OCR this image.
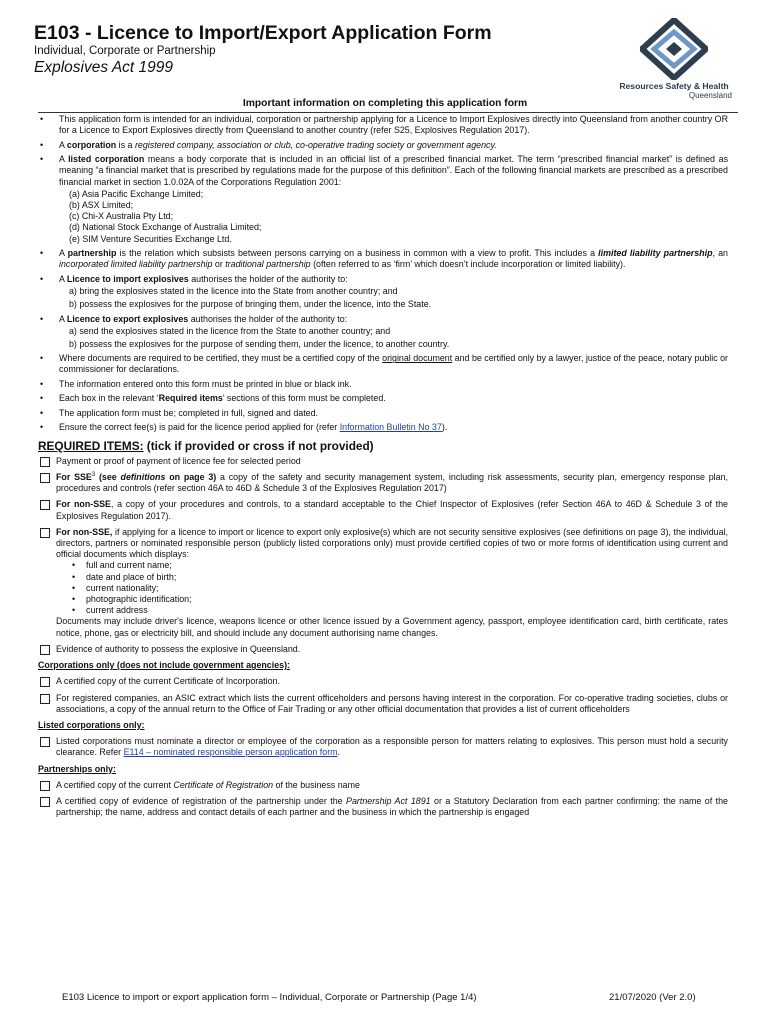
E103 - Licence to Import/Export Application Form
Individual, Corporate or Partnership
Explosives Act 1999
Resources Safety & Health
Queensland
Important information on completing this application form
• This application form is intended for an individual, corporation or partnership applying for a Licence to Import Explosives directly into Queensland from another country OR for a Licence to Export Explosives directly from Queensland to another country (refer S25, Explosives Regulation 2017).
• A corporation is a registered company, association or club, co-operative trading society or government agency.
• A listed corporation means a body corporate that is included in an official list of a prescribed financial market. The term “prescribed financial market” is defined as meaning “a financial market that is prescribed by regulations made for the purpose of this definition”. Each of the following financial markets are prescribed as a prescribed financial market in section 1.0.02A of the Corporations Regulation 2001:
(a) Asia Pacific Exchange Limited;
(b) ASX Limited;
(c) Chi-X Australia Pty Ltd;
(d) National Stock Exchange of Australia Limited;
(e) SIM Venture Securities Exchange Ltd.
• A partnership is the relation which subsists between persons carrying on a business in common with a view to profit. This includes a limited liability partnership, an incorporated limited liability partnership or traditional partnership (often referred to as ‘firm’ which doesn’t include incorporation or limited liability).
• A Licence to import explosives authorises the holder of the authority to:
a) bring the explosives stated in the licence into the State from another country; and
b) possess the explosives for the purpose of bringing them, under the licence, into the State.
• A Licence to export explosives authorises the holder of the authority to:
a) send the explosives stated in the licence from the State to another country; and
b) possess the explosives for the purpose of sending them, under the licence, to another country.
• Where documents are required to be certified, they must be a certified copy of the original document and be certified only by a lawyer, justice of the peace, notary public or commissioner for declarations.
• The information entered onto this form must be printed in blue or black ink.
• Each box in the relevant ‘Required items’ sections of this form must be completed.
• The application form must be; completed in full, signed and dated.
• Ensure the correct fee(s) is paid for the licence period applied for (refer Information Bulletin No 37).
REQUIRED ITEMS: (tick if provided or cross if not provided)
Payment or proof of payment of licence fee for selected period
For SSE$^3$ (see definitions on page 3) a copy of the safety and security management system, including risk assessments, security plan, emergency response plan, procedures and controls (refer section 46A to 46D & Schedule 3 of the Explosives Regulation 2017)
For non-SSE, a copy of your procedures and controls, to a standard acceptable to the Chief Inspector of Explosives (refer Section 46A to 46D & Schedule 3 of the Explosives Regulation 2017).
For non-SSE, if applying for a licence to import or licence to export only explosive(s) which are not security sensitive explosives (see definitions on page 3), the individual, directors, partners or nominated responsible person (publicly listed corporations only) must provide certified copies of two or more forms of identification using current and official documents which displays:
• full and current name;
• date and place of birth;
• current nationality;
• photographic identification;
• current address
Documents may include driver's licence, weapons licence or other licence issued by a Government agency, passport, employee identification card, birth certificate, rates notice, phone, gas or electricity bill, and should include any document authorising name changes.
Evidence of authority to possess the explosive in Queensland.
Corporations only (does not include government agencies):
A certified copy of the current Certificate of Incorporation.
For registered companies, an ASIC extract which lists the current officeholders and persons having interest in the corporation. For co-operative trading societies, clubs or associations, a copy of the annual return to the Office of Fair Trading or any other official documentation that provides a list of current officeholders
Listed corporations only:
Listed corporations must nominate a director or employee of the corporation as a responsible person for matters relating to explosives. This person must hold a security clearance. Refer E114 – nominated responsible person application form.
Partnerships only:
A certified copy of the current Certificate of Registration of the business name
A certified copy of evidence of registration of the partnership under the Partnership Act 1891 or a Statutory Declaration from each partner confirming: the name of the partnership; the name, address and contact details of each partner and the business in which the partnership is engaged
E103 Licence to import or export application form – Individual, Corporate or Partnership (Page 1/4)	21/07/2020 (Ver 2.0)
